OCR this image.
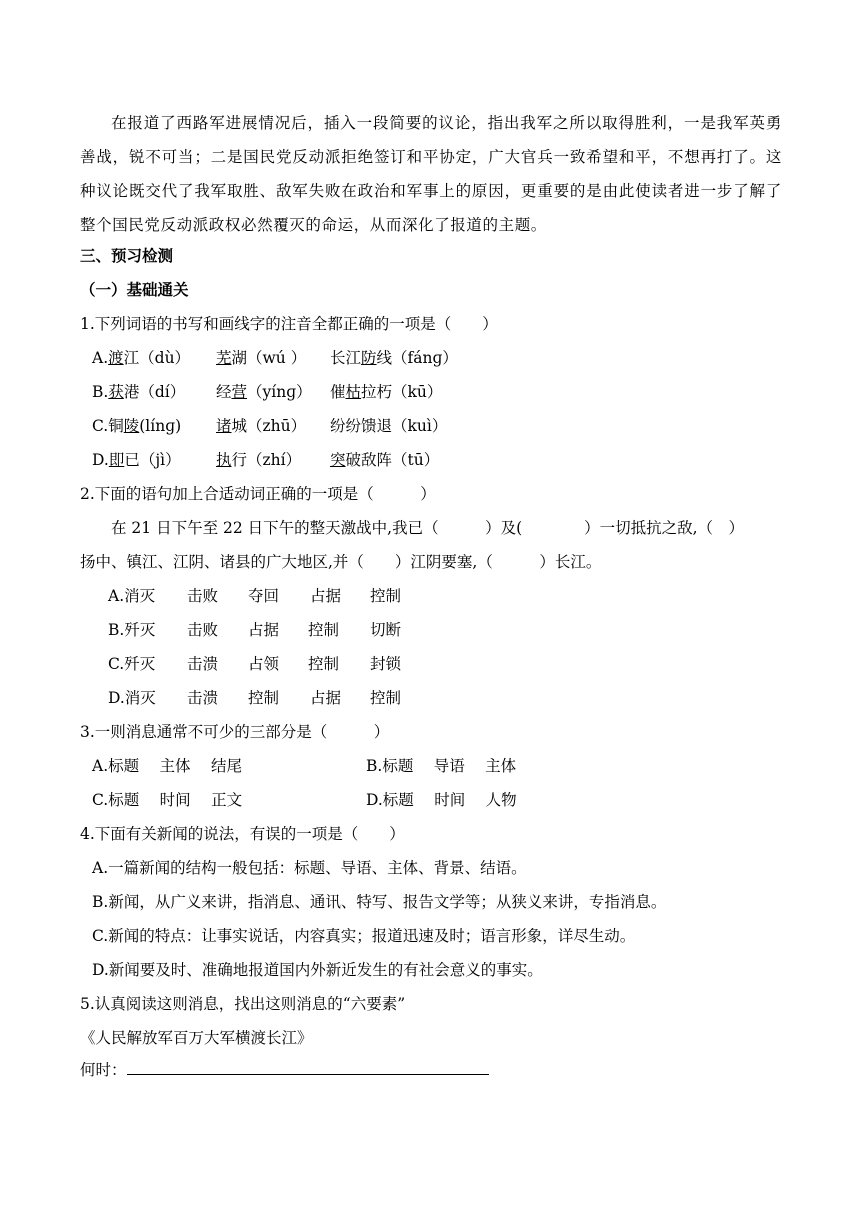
在报道了西路军进展情况后，插入一段简要的议论，指出我军之所以取得胜利，一是我军英勇善战，锐不可当；二是国民党反动派拒绝签订和平协定，广大官兵一致希望和平，不想再打了。这种议论既交代了我军取胜、敌军失败在政治和军事上的原因，更重要的是由此使读者进一步了解了整个国民党反动派政权必然覆灭的命运，从而深化了报道的主题。
三、预习检测
（一）基础通关
1.下列词语的书写和画线字的注音全都正确的一项是（　　）
A.渡江（dù） 芜湖（wú ） 长江防线（fánɡ）
B.获港（dí） 经营（yínɡ） 催枯拉朽（kū）
C.铜陵(línɡ) 诸城（zhū） 纷纷馈退（kuì）
D.即已（jì） 执行（zhí） 突破敌阵（tū）
2.下面的语句加上合适动词正确的一项是（　　　）
在 21 日下午至 22 日下午的整天激战中,我已（　　　）及(　　　　）一切抵抗之敌,（　）
扬中、镇江、江阴、诸县的广大地区,并（　　）江阴要塞,（　　　）长江。
A.消灭 击败 夺回 占据 控制
B.歼灭 击败 占据 控制 切断
C.歼灭 击溃 占领 控制 封锁
D.消灭 击溃 控制 占据 控制
3.一则消息通常不可少的三部分是（　　　）
A.标题　 主体　 结尾	B.标题　 导语　 主体
C.标题　 时间　 正文	D.标题　 时间　 人物
4.下面有关新闻的说法，有误的一项是（　　）
A.一篇新闻的结构一般包括：标题、导语、主体、背景、结语。
B.新闻，从广义来讲，指消息、通讯、特写、报告文学等；从狭义来讲，专指消息。
C.新闻的特点：让事实说话，内容真实；报道迅速及时；语言形象，详尽生动。
D.新闻要及时、准确地报道国内外新近发生的有社会意义的事实。
5.认真阅读这则消息，找出这则消息的“六要素”
《人民解放军百万大军横渡长江》
何时：
